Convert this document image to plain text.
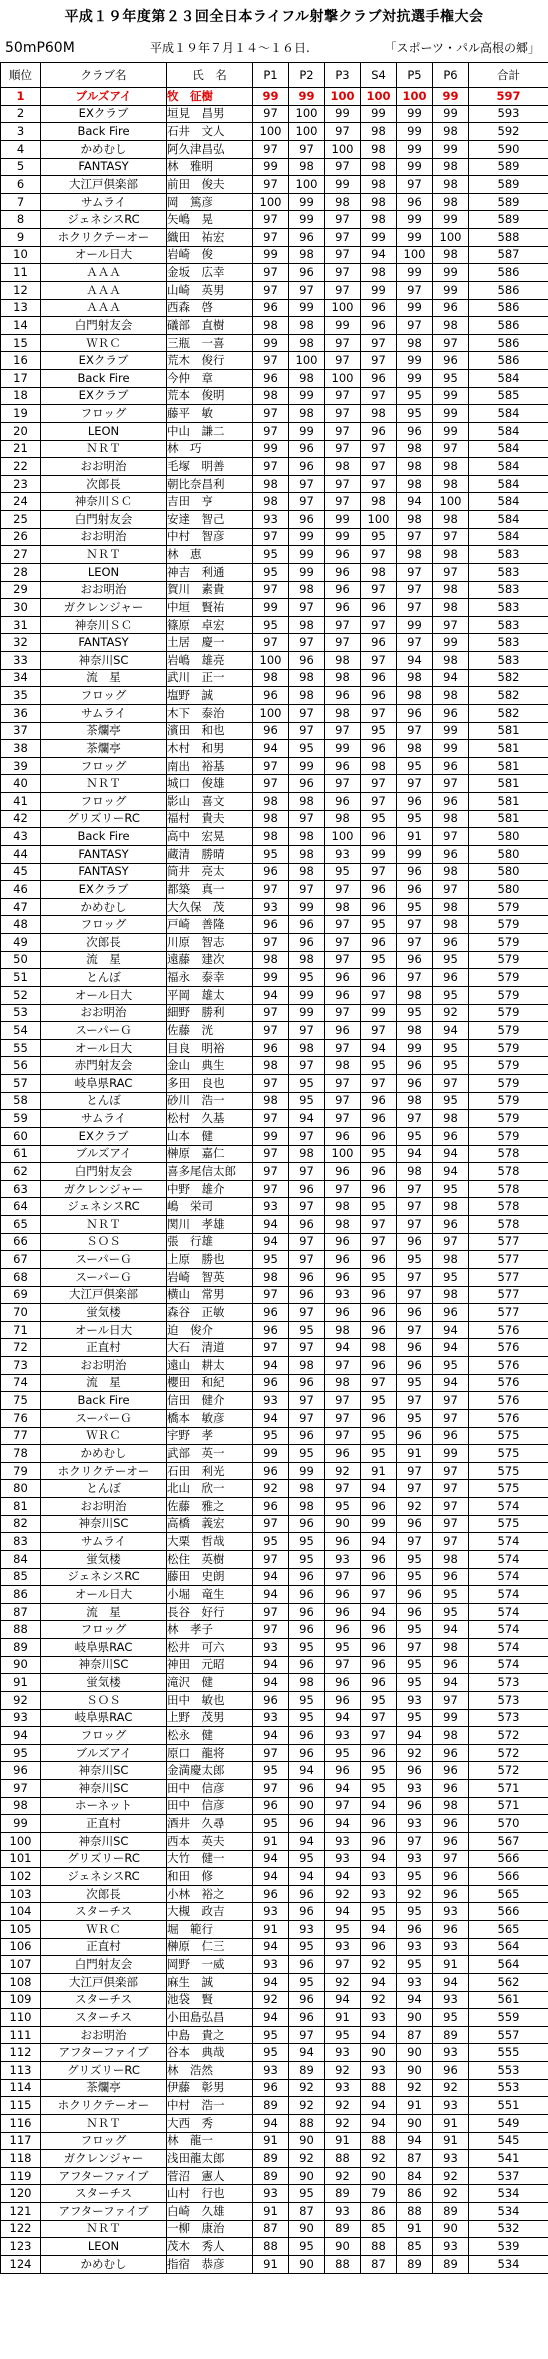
平成１９年度第２３回全日本ライフル射撃クラブ対抗選手権大会
50mP60M	平成１９年７月１４～１６日.	「スポーツ・パル高根の郷」
順位	クラブ名	氏　名	P1	P2	P3	S4	P5	P6	合計
1	ブルズアイ	牧　征樹	99	99	100	100	100	99	597
2	EXクラブ	垣見　昌男	97	100	99	99	99	99	593
3	Back Fire	石井　文人	100	100	97	98	99	98	592
4	かめむし	阿久津昌弘	97	97	100	98	99	99	590
5	FANTASY	林　雅明	99	98	97	98	99	98	589
6	大江戸倶楽部	前田　俊夫	97	100	99	98	97	98	589
7	サムライ	岡　篤彦	100	99	98	98	96	98	589
8	ジェネシスRC	矢嶋　晃	97	99	97	98	99	99	589
9	ホクリクテーオー	織田　祐宏	97	96	97	99	99	100	588
10	オール日大	岩崎　俊	99	98	97	94	100	98	587
11	ＡＡＡ	金坂　広幸	97	96	97	98	99	99	586
12	ＡＡＡ	山崎　英男	97	97	97	99	97	99	586
13	ＡＡＡ	西森　啓	96	99	100	96	99	96	586
14	白門射友会	礒部　直樹	98	98	99	96	97	98	586
15	ＷＲＣ	三瓶　一喜	99	98	97	97	98	97	586
16	EXクラブ	荒木　俊行	97	100	97	97	99	96	586
17	Back Fire	今仲　章	96	98	100	96	99	95	584
18	EXクラブ	荒本　俊明	98	99	97	97	95	99	585
19	フロッグ	藤平　敏	97	98	97	98	95	99	584
20	LEON	中山　謙二	97	99	97	96	96	99	584
21	ＮＲＴ	林　巧	99	96	97	97	98	97	584
22	おお明治	毛塚　明善	97	96	98	97	98	98	584
23	次郎長	朝比奈昌利	98	97	97	97	98	98	584
24	神奈川ＳＣ	吉田　亨	98	97	97	98	94	100	584
25	白門射友会	安達　智己	93	96	99	100	98	98	584
26	おお明治	中村　智彦	97	99	99	95	97	97	584
27	ＮＲＴ	林　恵	95	99	96	97	98	98	583
28	LEON	神吉　利通	95	99	96	98	97	97	583
29	おお明治	賀川　素貴	97	98	96	97	97	98	583
30	ガクレンジャー	中垣　賢祐	99	97	96	96	97	98	583
31	神奈川ＳＣ	篠原　卓宏	95	98	97	97	99	97	583
32	FANTASY	土居　慶一	97	97	97	96	97	99	583
33	神奈川SC	岩嶋　雄亮	100	96	98	97	94	98	583
34	流　星	武川　正一	98	98	98	96	98	94	582
35	フロッグ	塩野　誠	96	98	96	96	98	98	582
36	サムライ	木下　泰治	100	97	98	97	96	96	582
37	茶爛亭	濱田　和也	96	97	97	95	97	99	581
38	茶爛亭	木村　和男	94	95	99	96	98	99	581
39	フロッグ	南出　裕基	97	99	96	98	95	96	581
40	ＮＲＴ	城口　俊雄	97	96	97	97	97	97	581
41	フロッグ	影山　喜文	98	98	96	97	96	96	581
42	グリズリーRC	福村　貴夫	98	97	98	95	95	98	581
43	Back Fire	高中　宏晃	98	98	100	96	91	97	580
44	FANTASY	蔵清　勝晴	95	98	93	99	99	96	580
45	FANTASY	筒井　亮太	96	98	95	97	96	98	580
46	EXクラブ	都築　真一	97	97	97	96	96	97	580
47	かめむし	大久保　茂	93	99	98	96	95	98	579
48	フロッグ	戸崎　善隆	96	96	97	95	97	98	579
49	次郎長	川原　智志	97	96	97	96	97	96	579
50	流　星	遠藤　建次	98	98	97	95	96	95	579
51	とんぼ	福永　泰幸	99	95	96	96	97	96	579
52	オール日大	平岡　雄太	94	99	96	97	98	95	579
53	おお明治	細野　勝利	97	99	97	99	95	92	579
54	スーパーＧ	佐藤　洸	97	97	96	97	98	94	579
55	オール日大	目良　明裕	96	98	97	94	99	95	579
56	赤門射友会	金山　典生	98	97	98	95	96	95	579
57	岐阜県RAC	多田　良也	97	95	97	97	96	97	579
58	とんぼ	砂川　浩一	98	95	97	96	98	95	579
59	サムライ	松村　久基	97	94	97	96	97	98	579
60	EXクラブ	山本　健	99	97	96	96	95	96	579
61	ブルズアイ	榊原　嘉仁	97	98	100	95	94	94	578
62	白門射友会	喜多尾信太郎	97	97	96	96	98	94	578
63	ガクレンジャー	中野　雄介	97	96	97	96	97	95	578
64	ジェネシスRC	嶋　栄司	93	97	98	95	97	98	578
65	ＮＲＴ	関川　孝雄	94	96	98	97	97	96	578
66	ＳＯＳ	張　行雄	94	97	96	97	96	97	577
67	スーパーＧ	上原　勝也	95	97	96	96	95	98	577
68	スーパーＧ	岩崎　智英	98	96	96	95	97	95	577
69	大江戸倶楽部	横山　常男	97	96	93	96	97	98	577
70	蛍気楼	森谷　正敏	96	97	96	96	96	96	577
71	オール日大	迫　俊介	96	95	98	96	97	94	576
72	正直村	大石　清道	97	97	94	98	96	94	576
73	おお明治	遠山　耕太	94	98	97	96	96	95	576
74	流　星	櫻田　和紀	96	96	98	97	95	94	576
75	Back Fire	信田　健介	93	97	97	95	97	97	576
76	スーパーＧ	橋本　敏彦	94	97	97	96	95	97	576
77	ＷＲＣ	宇野　孝	95	96	97	95	96	96	575
78	かめむし	武部　英一	99	95	96	95	91	99	575
79	ホクリクテーオー	石田　利光	96	99	92	91	97	97	575
80	とんぼ	北山　欣一	92	98	97	94	97	97	575
81	おお明治	佐藤　雅之	96	98	95	96	92	97	574
82	神奈川SC	高橋　義宏	97	96	90	99	96	97	575
83	サムライ	大栗　哲哉	95	95	96	94	97	97	574
84	蛍気楼	松住　英樹	97	95	93	96	95	98	574
85	ジェネシスRC	藤田　史朗	94	96	97	96	95	96	574
86	オール日大	小堀　竜生	94	96	96	97	96	95	574
87	流　星	長谷　好行	97	96	96	94	96	95	574
88	フロッグ	林　孝子	97	96	96	96	95	94	574
89	岐阜県RAC	松井　可六	93	95	95	96	97	98	574
90	神奈川SC	神田　元昭	94	96	97	96	95	96	574
91	蛍気楼	滝沢　健	94	98	96	96	95	94	573
92	ＳＯＳ	田中　敏也	96	95	96	95	93	97	573
93	岐阜県RAC	上野　茂男	93	95	94	97	95	99	573
94	フロッグ	松永　健	94	96	93	97	94	98	572
95	ブルズアイ	原口　龍将	97	96	95	96	92	96	572
96	神奈川SC	金満慶太郎	95	94	96	95	96	96	572
97	神奈川SC	田中　信彦	97	96	94	95	93	96	571
98	ホーネット	田中　信彦	96	90	97	94	96	98	571
99	正直村	酒井　久尋	95	96	94	96	93	96	570
100	神奈川SC	西本　英夫	91	94	93	96	97	96	567
101	グリズリーRC	大竹　健一	94	95	93	94	93	97	566
102	ジェネシスRC	和田　修	94	94	94	93	95	96	566
103	次郎長	小林　裕之	96	96	92	93	92	96	565
104	スターチス	大槻　政吉	93	96	94	95	95	93	566
105	ＷＲＣ	堀　範行	91	93	95	94	96	96	565
106	正直村	榊原　仁三	94	95	93	96	93	93	564
107	白門射友会	岡野　一威	93	96	97	92	95	91	564
108	大江戸倶楽部	麻生　誠	94	95	92	94	93	94	562
109	スターチス	池袋　賢	92	96	94	92	94	93	561
110	スターチス	小田島弘昌	94	96	91	93	90	95	559
111	おお明治	中島　貴之	95	97	95	94	87	89	557
112	アフターファイブ	谷本　典哉	95	94	93	90	90	93	555
113	グリズリーRC	林　浩然	93	89	92	93	90	96	553
114	茶爛亭	伊藤　彰男	96	92	93	88	92	92	553
115	ホクリクテーオー	中村　浩一	89	92	92	94	91	93	551
116	ＮＲＴ	大西　秀	94	88	92	94	90	91	549
117	フロッグ	林　龍一	91	90	91	88	94	91	545
118	ガクレンジャー	浅田龍太郎	89	92	88	92	87	93	541
119	アフターファイブ	菅沼　憲人	89	90	92	90	84	92	537
120	スターチス	山村　行也	93	95	89	79	86	92	534
121	アフターファイブ	白崎　久雄	91	87	93	86	88	89	534
122	ＮＲＴ	一柳　康治	87	90	89	85	91	90	532
123	LEON	茂木　秀人	88	95	90	88	85	93	539
124	かめむし	指宿　恭彦	91	90	88	87	89	89	534
